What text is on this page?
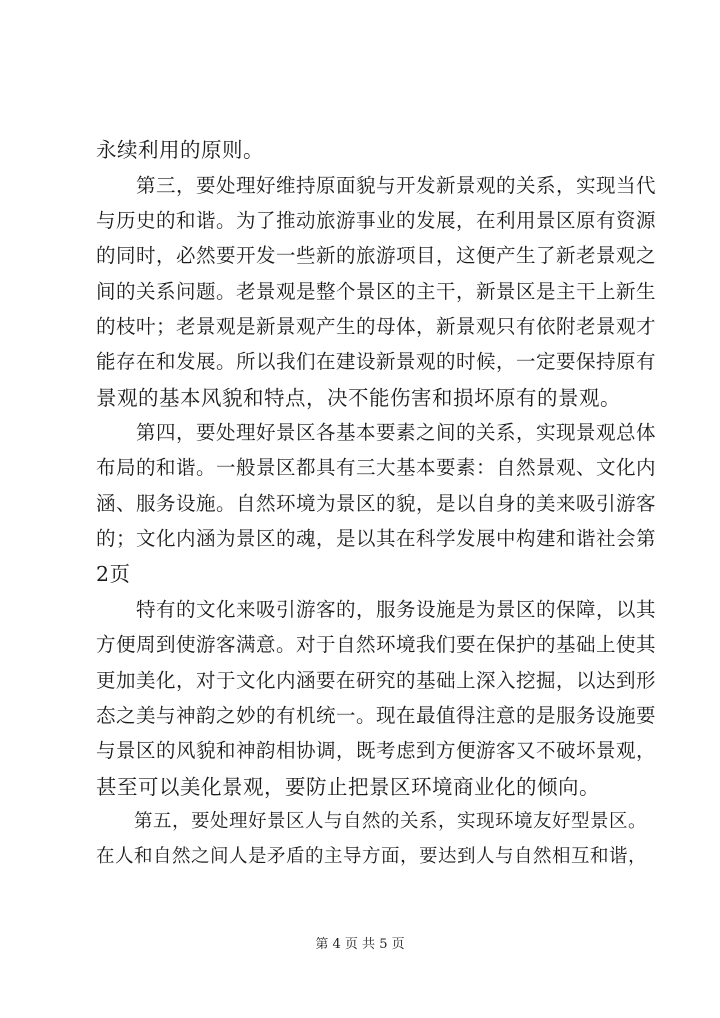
永续利用的原则。
　　第三，要处理好维持原面貌与开发新景观的关系，实现当代
与历史的和谐。为了推动旅游事业的发展，在利用景区原有资源
的同时，必然要开发一些新的旅游项目，这便产生了新老景观之
间的关系问题。老景观是整个景区的主干，新景区是主干上新生
的枝叶；老景观是新景观产生的母体，新景观只有依附老景观才
能存在和发展。所以我们在建设新景观的时候，一定要保持原有
景观的基本风貌和特点，决不能伤害和损坏原有的景观。
　　第四，要处理好景区各基本要素之间的关系，实现景观总体
布局的和谐。一般景区都具有三大基本要素：自然景观、文化内
涵、服务设施。自然环境为景区的貌，是以自身的美来吸引游客
的；文化内涵为景区的魂，是以其在科学发展中构建和谐社会第
2页
　　特有的文化来吸引游客的，服务设施是为景区的保障，以其
方便周到使游客满意。对于自然环境我们要在保护的基础上使其
更加美化，对于文化内涵要在研究的基础上深入挖掘，以达到形
态之美与神韵之妙的有机统一。现在最值得注意的是服务设施要
与景区的风貌和神韵相协调，既考虑到方便游客又不破坏景观，
甚至可以美化景观，要防止把景区环境商业化的倾向。
　　第五，要处理好景区人与自然的关系，实现环境友好型景区。
在人和自然之间人是矛盾的主导方面，要达到人与自然相互和谐，
第 4 页 共 5 页
